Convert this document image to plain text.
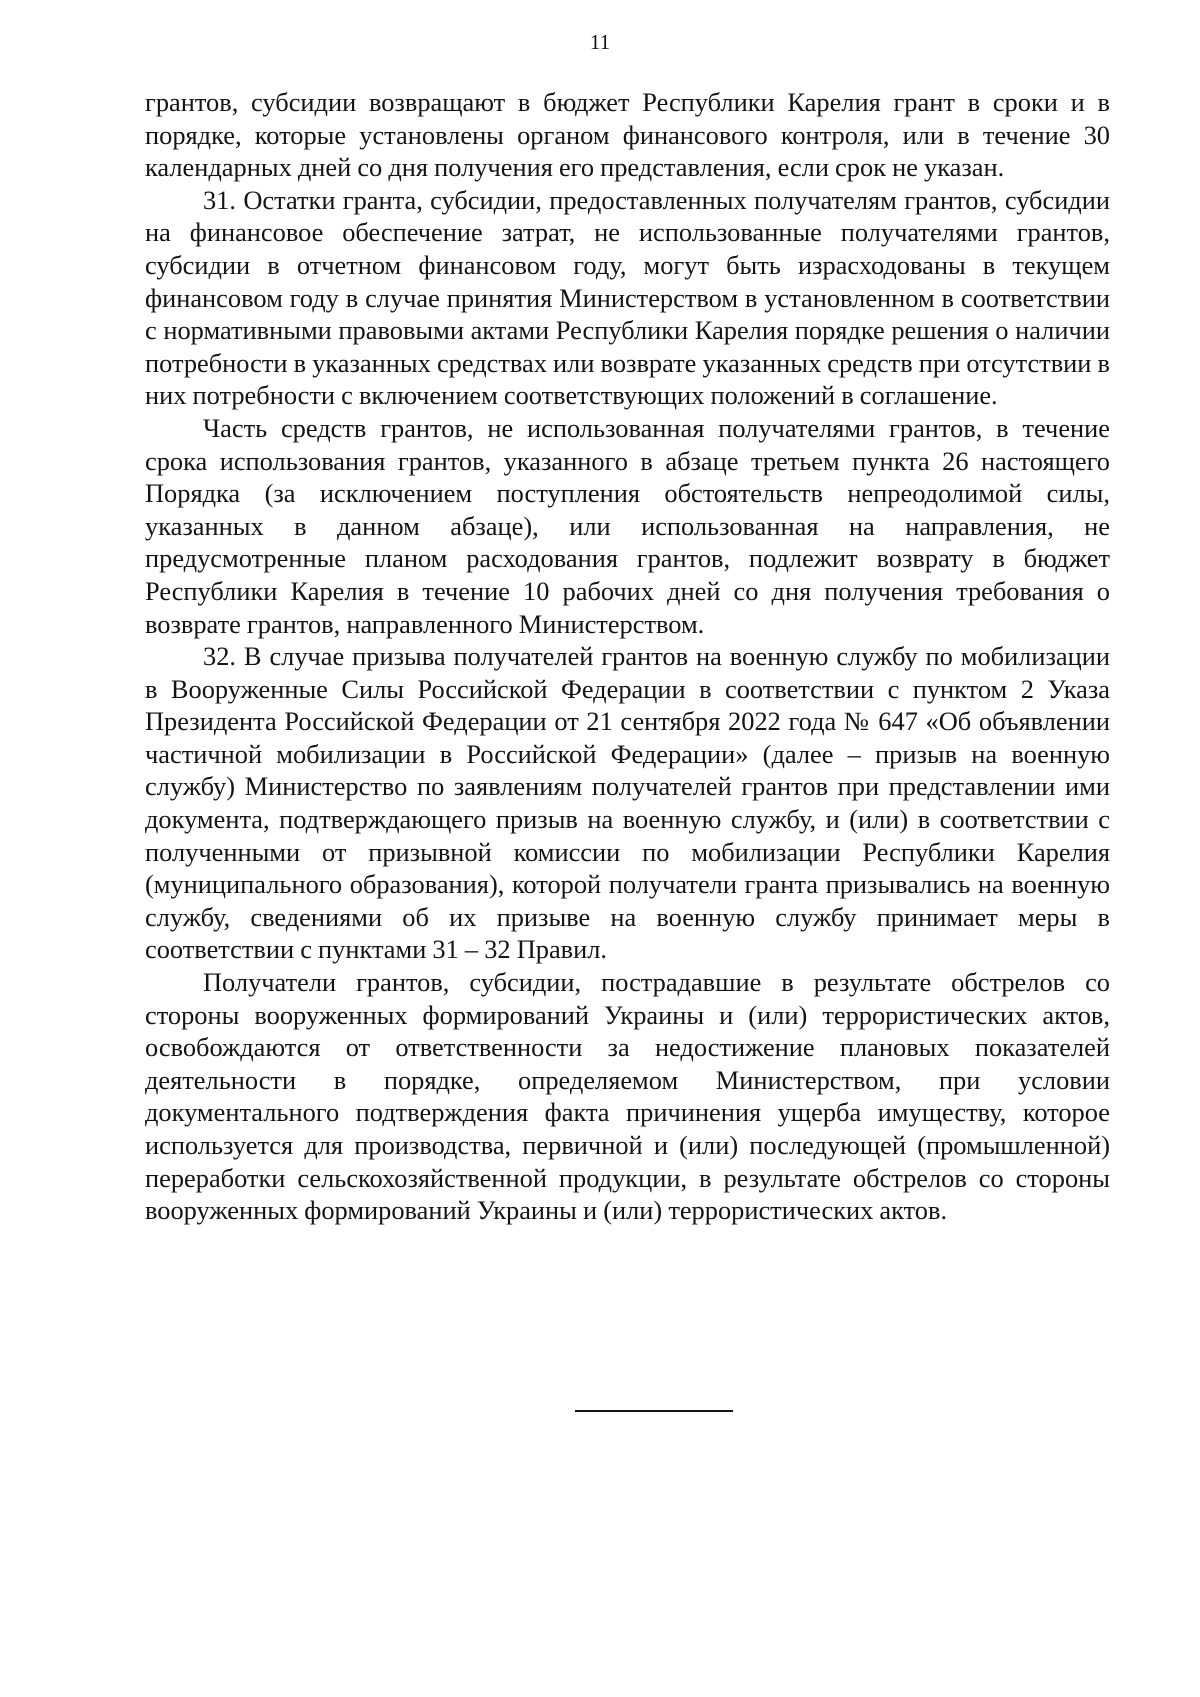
11

грантов, субсидии возвращают в бюджет Республики Карелия грант в сроки и в порядке, которые установлены органом финансового контроля, или в течение 30 календарных дней со дня получения его представления, если срок не указан.

31. Остатки гранта, субсидии, предоставленных получателям грантов, субсидии на финансовое обеспечение затрат, не использованные получателями грантов, субсидии в отчетном финансовом году, могут быть израсходованы в текущем финансовом году в случае принятия Министерством в установленном в соответствии с нормативными правовыми актами Республики Карелия порядке решения о наличии потребности в указанных средствах или возврате указанных средств при отсутствии в них потребности с включением соответствующих положений в соглашение.

Часть средств грантов, не использованная получателями грантов, в течение срока использования грантов, указанного в абзаце третьем пункта 26 настоящего Порядка (за исключением поступления обстоятельств непреодолимой силы, указанных в данном абзаце), или использованная на направления, не предусмотренные планом расходования грантов, подлежит возврату в бюджет Республики Карелия в течение 10 рабочих дней со дня получения требования о возврате грантов, направленного Министерством.

32. В случае призыва получателей грантов на военную службу по мобилизации в Вооруженные Силы Российской Федерации в соответствии с пунктом 2 Указа Президента Российской Федерации от 21 сентября 2022 года № 647 «Об объявлении частичной мобилизации в Российской Федерации» (далее – призыв на военную службу) Министерство по заявлениям получателей грантов при представлении ими документа, подтверждающего призыв на военную службу, и (или) в соответствии с полученными от призывной комиссии по мобилизации Республики Карелия (муниципального образования), которой получатели гранта призывались на военную службу, сведениями об их призыве на военную службу принимает меры в соответствии с пунктами 31 – 32 Правил.

Получатели грантов, субсидии, пострадавшие в результате обстрелов со стороны вооруженных формирований Украины и (или) террористических актов, освобождаются от ответственности за недостижение плановых показателей деятельности в порядке, определяемом Министерством, при условии документального подтверждения факта причинения ущерба имуществу, которое используется для производства, первичной и (или) последующей (промышленной) переработки сельскохозяйственной продукции, в результате обстрелов со стороны вооруженных формирований Украины и (или) террористических актов.
